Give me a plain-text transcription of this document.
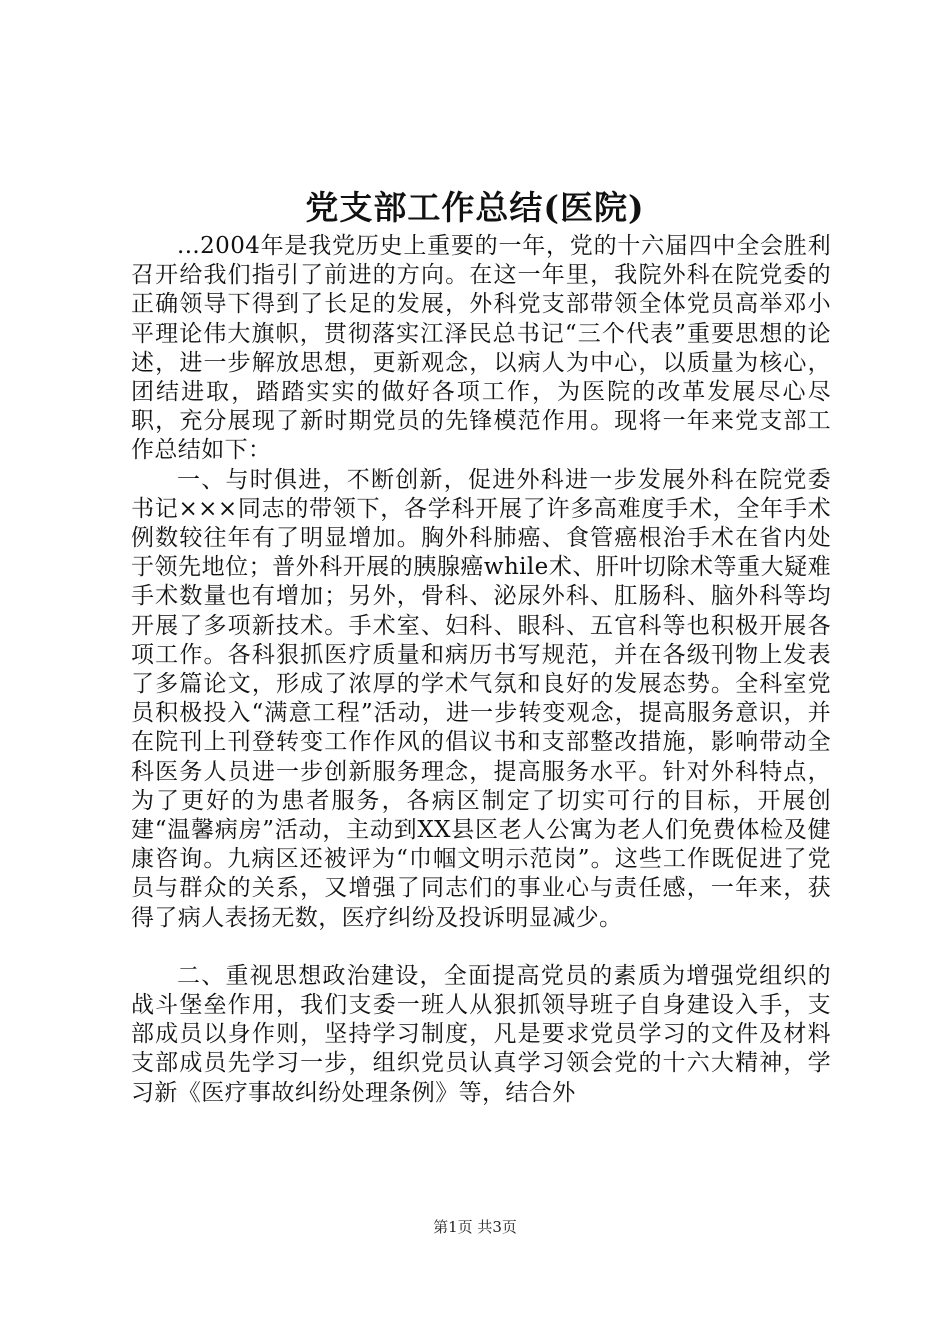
党支部工作总结(医院)

...2004年是我党历史上重要的一年，党的十六届四中全会胜利召开给我们指引了前进的方向。在这一年里，我院外科在院党委的正确领导下得到了长足的发展，外科党支部带领全体党员高举邓小平理论伟大旗帜，贯彻落实江泽民总书记“三个代表”重要思想的论述，进一步解放思想，更新观念，以病人为中心，以质量为核心，团结进取，踏踏实实的做好各项工作，为医院的改革发展尽心尽职，充分展现了新时期党员的先锋模范作用。现将一年来党支部工作总结如下：

一、与时俱进，不断创新，促进外科进一步发展外科在院党委书记×××同志的带领下，各学科开展了许多高难度手术，全年手术例数较往年有了明显增加。胸外科肺癌、食管癌根治手术在省内处于领先地位；普外科开展的胰腺癌while术、肝叶切除术等重大疑难手术数量也有增加；另外，骨科、泌尿外科、肛肠科、脑外科等均开展了多项新技术。手术室、妇科、眼科、五官科等也积极开展各项工作。各科狠抓医疗质量和病历书写规范，并在各级刊物上发表了多篇论文，形成了浓厚的学术气氛和良好的发展态势。全科室党员积极投入“满意工程”活动，进一步转变观念，提高服务意识，并在院刊上刊登转变工作作风的倡议书和支部整改措施，影响带动全科医务人员进一步创新服务理念，提高服务水平。针对外科特点，为了更好的为患者服务，各病区制定了切实可行的目标，开展创建“温馨病房”活动，主动到XX县区老人公寓为老人们免费体检及健康咨询。九病区还被评为“巾帼文明示范岗”。这些工作既促进了党员与群众的关系，又增强了同志们的事业心与责任感，一年来，获得了病人表扬无数，医疗纠纷及投诉明显减少。

二、重视思想政治建设，全面提高党员的素质为增强党组织的战斗堡垒作用，我们支委一班人从狠抓领导班子自身建设入手，支部成员以身作则，坚持学习制度，凡是要求党员学习的文件及材料支部成员先学习一步，组织党员认真学习领会党的十六大精神，学习新《医疗事故纠纷处理条例》等，结合外

第1页 共3页
